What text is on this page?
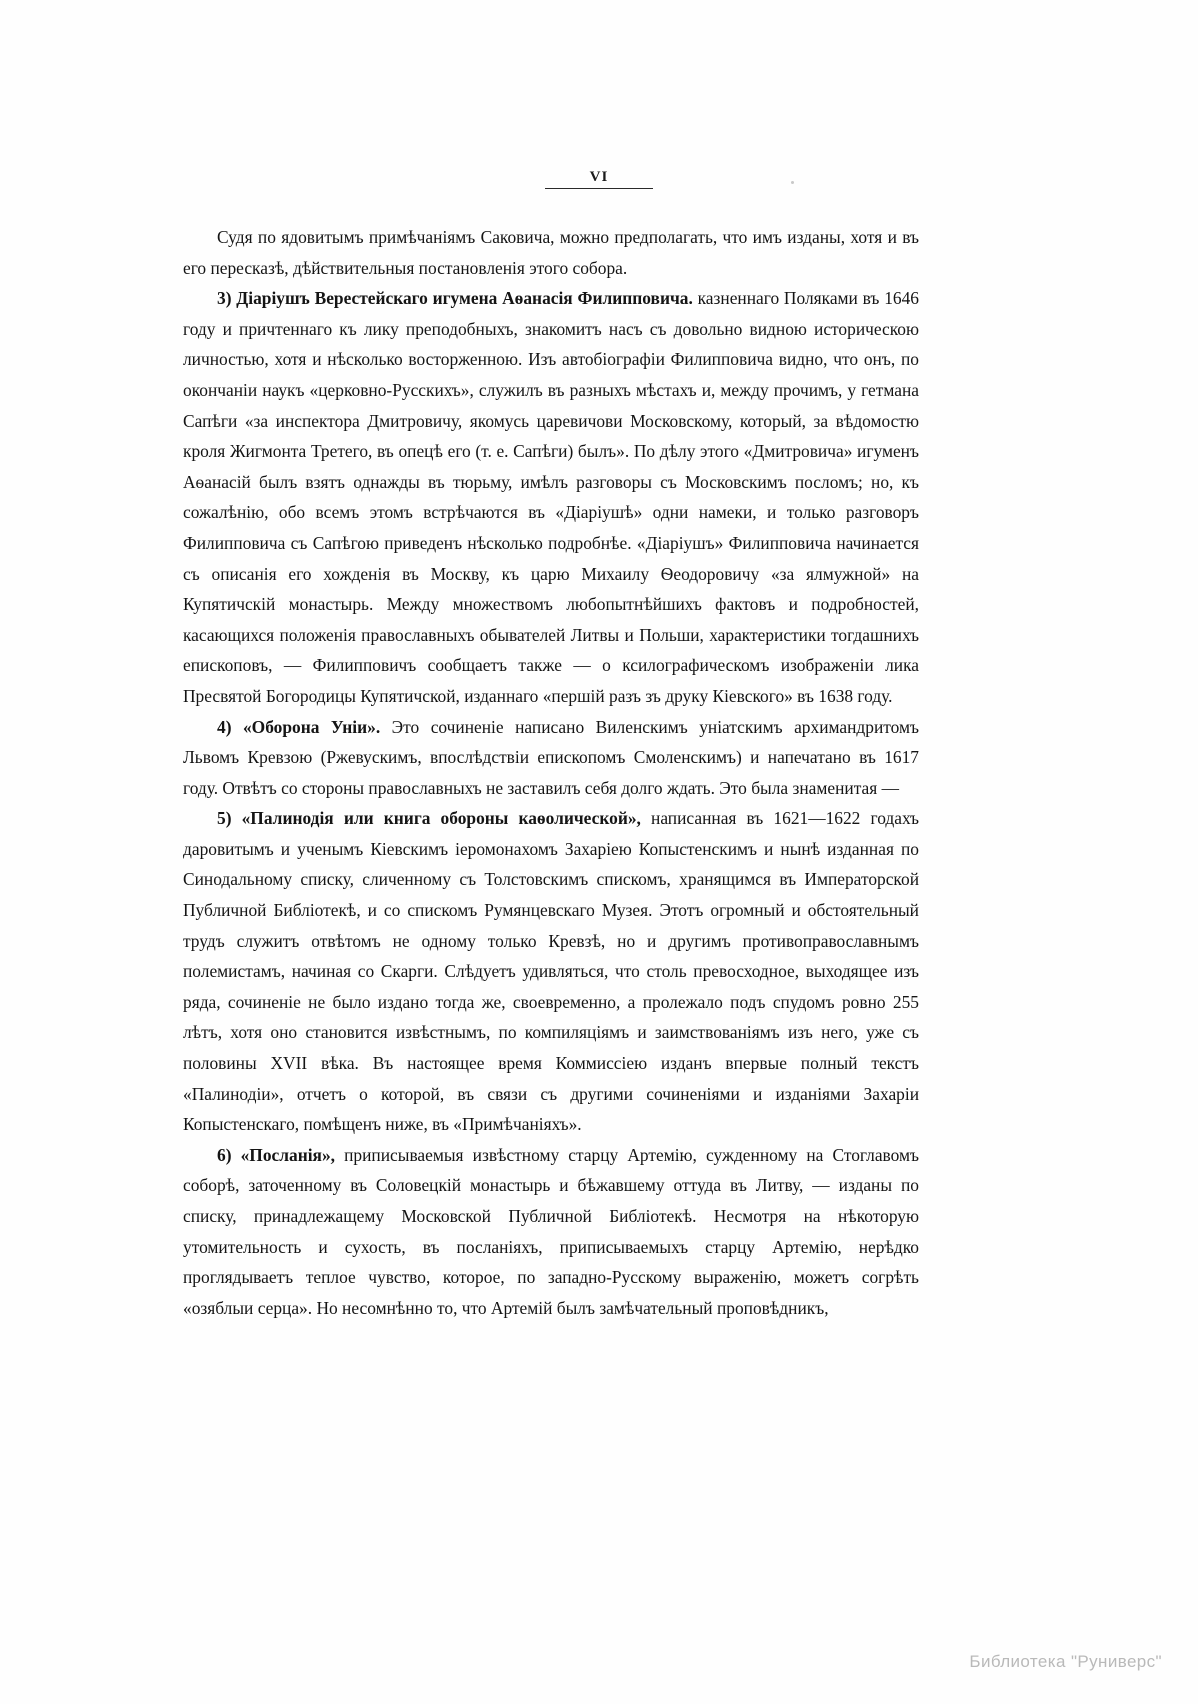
VI

Судя по ядовитымъ примѣчаніямъ Саковича, можно предполагать, что имъ изданы, хотя и въ его пересказѣ, дѣйствительныя постановленія этого собора.

3) Діаріушъ Верестейскаго игумена Аѳанасія Филипповича. казненнаго Поляками въ 1646 году и причтеннаго къ лику преподобныхъ, знакомитъ насъ съ довольно видною историческою личностью, хотя и нѣсколько восторженною. Изъ автобіографіи Филипповича видно, что онъ, по окончаніи наукъ «церковно-Русскихъ», служилъ въ разныхъ мѣстахъ и, между прочимъ, у гетмана Сапѣги «за инспектора Дмитровичу, якомусь царевичови Московскому, который, за вѣдомостю кроля Жигмонта Третего, въ опецѣ его (т. е. Сапѣги) былъ». По дѣлу этого «Дмитровича» игуменъ Аѳанасій былъ взятъ однажды въ тюрьму, имѣлъ разговоры съ Московскимъ посломъ; но, къ сожалѣнію, обо всемъ этомъ встрѣчаются въ «Діаріушѣ» одни намеки, и только разговоръ Филипповича съ Сапѣгою приведенъ нѣсколько подробнѣе. «Діаріушъ» Филипповича начинается съ описанія его хожденія въ Москву, къ царю Михаилу Ѳеодоровичу «за ялмужной» на Купятичскій монастырь. Между множествомъ любопытнѣйшихъ фактовъ и подробностей, касающихся положенія православныхъ обывателей Литвы и Польши, характеристики тогдашнихъ епископовъ, — Филипповичъ сообщаетъ также — о ксилографическомъ изображеніи лика Пресвятой Богородицы Купятичской, изданнаго «першій разъ зъ друку Кіевского» въ 1638 году.

4) «Оборона Уніи». Это сочиненіе написано Виленскимъ уніатскимъ архимандритомъ Львомъ Кревзою (Ржевускимъ, впослѣдствіи епископомъ Смоленскимъ) и напечатано въ 1617 году. Отвѣтъ со стороны православныхъ не заставилъ себя долго ждать. Это была знаменитая —

5) «Палинодія или книга обороны каѳолической», написанная въ 1621—1622 годахъ даровитымъ и ученымъ Кіевскимъ іеромонахомъ Захаріею Копыстенскимъ и нынѣ изданная по Синодальному списку, сличенному съ Толстовскимъ спискомъ, хранящимся въ Императорской Публичной Библіотекѣ, и со спискомъ Румянцевскаго Музея. Этотъ огромный и обстоятельный трудъ служитъ отвѣтомъ не одному только Кревзѣ, но и другимъ противоправославнымъ полемистамъ, начиная со Скарги. Слѣдуетъ удивляться, что столь превосходное, выходящее изъ ряда, сочиненіе не было издано тогда же, своевременно, а пролежало подъ спудомъ ровно 255 лѣтъ, хотя оно становится извѣстнымъ, по компиляціямъ и заимствованіямъ изъ него, уже съ половины XVII вѣка. Въ настоящее время Коммиссіею изданъ впервые полный текстъ «Палинодіи», отчетъ о которой, въ связи съ другими сочиненіями и изданіями Захаріи Копыстенскаго, помѣщенъ ниже, въ «Примѣчаніяхъ».

6) «Посланія», приписываемыя извѣстному старцу Артемію, сужденному на Стоглавомъ соборѣ, заточенному въ Соловецкій монастырь и бѣжавшему оттуда въ Литву, — изданы по списку, принадлежащему Московской Публичной Библіотекѣ. Несмотря на нѣкоторую утомительность и сухость, въ посланіяхъ, приписываемыхъ старцу Артемію, нерѣдко проглядываетъ теплое чувство, которое, по западно-Русскому выраженію, можетъ согрѣть «озяблыи серца». Но несомнѣнно то, что Артемій былъ замѣчательный проповѣдникъ,

Библиотека "Руниверс"
